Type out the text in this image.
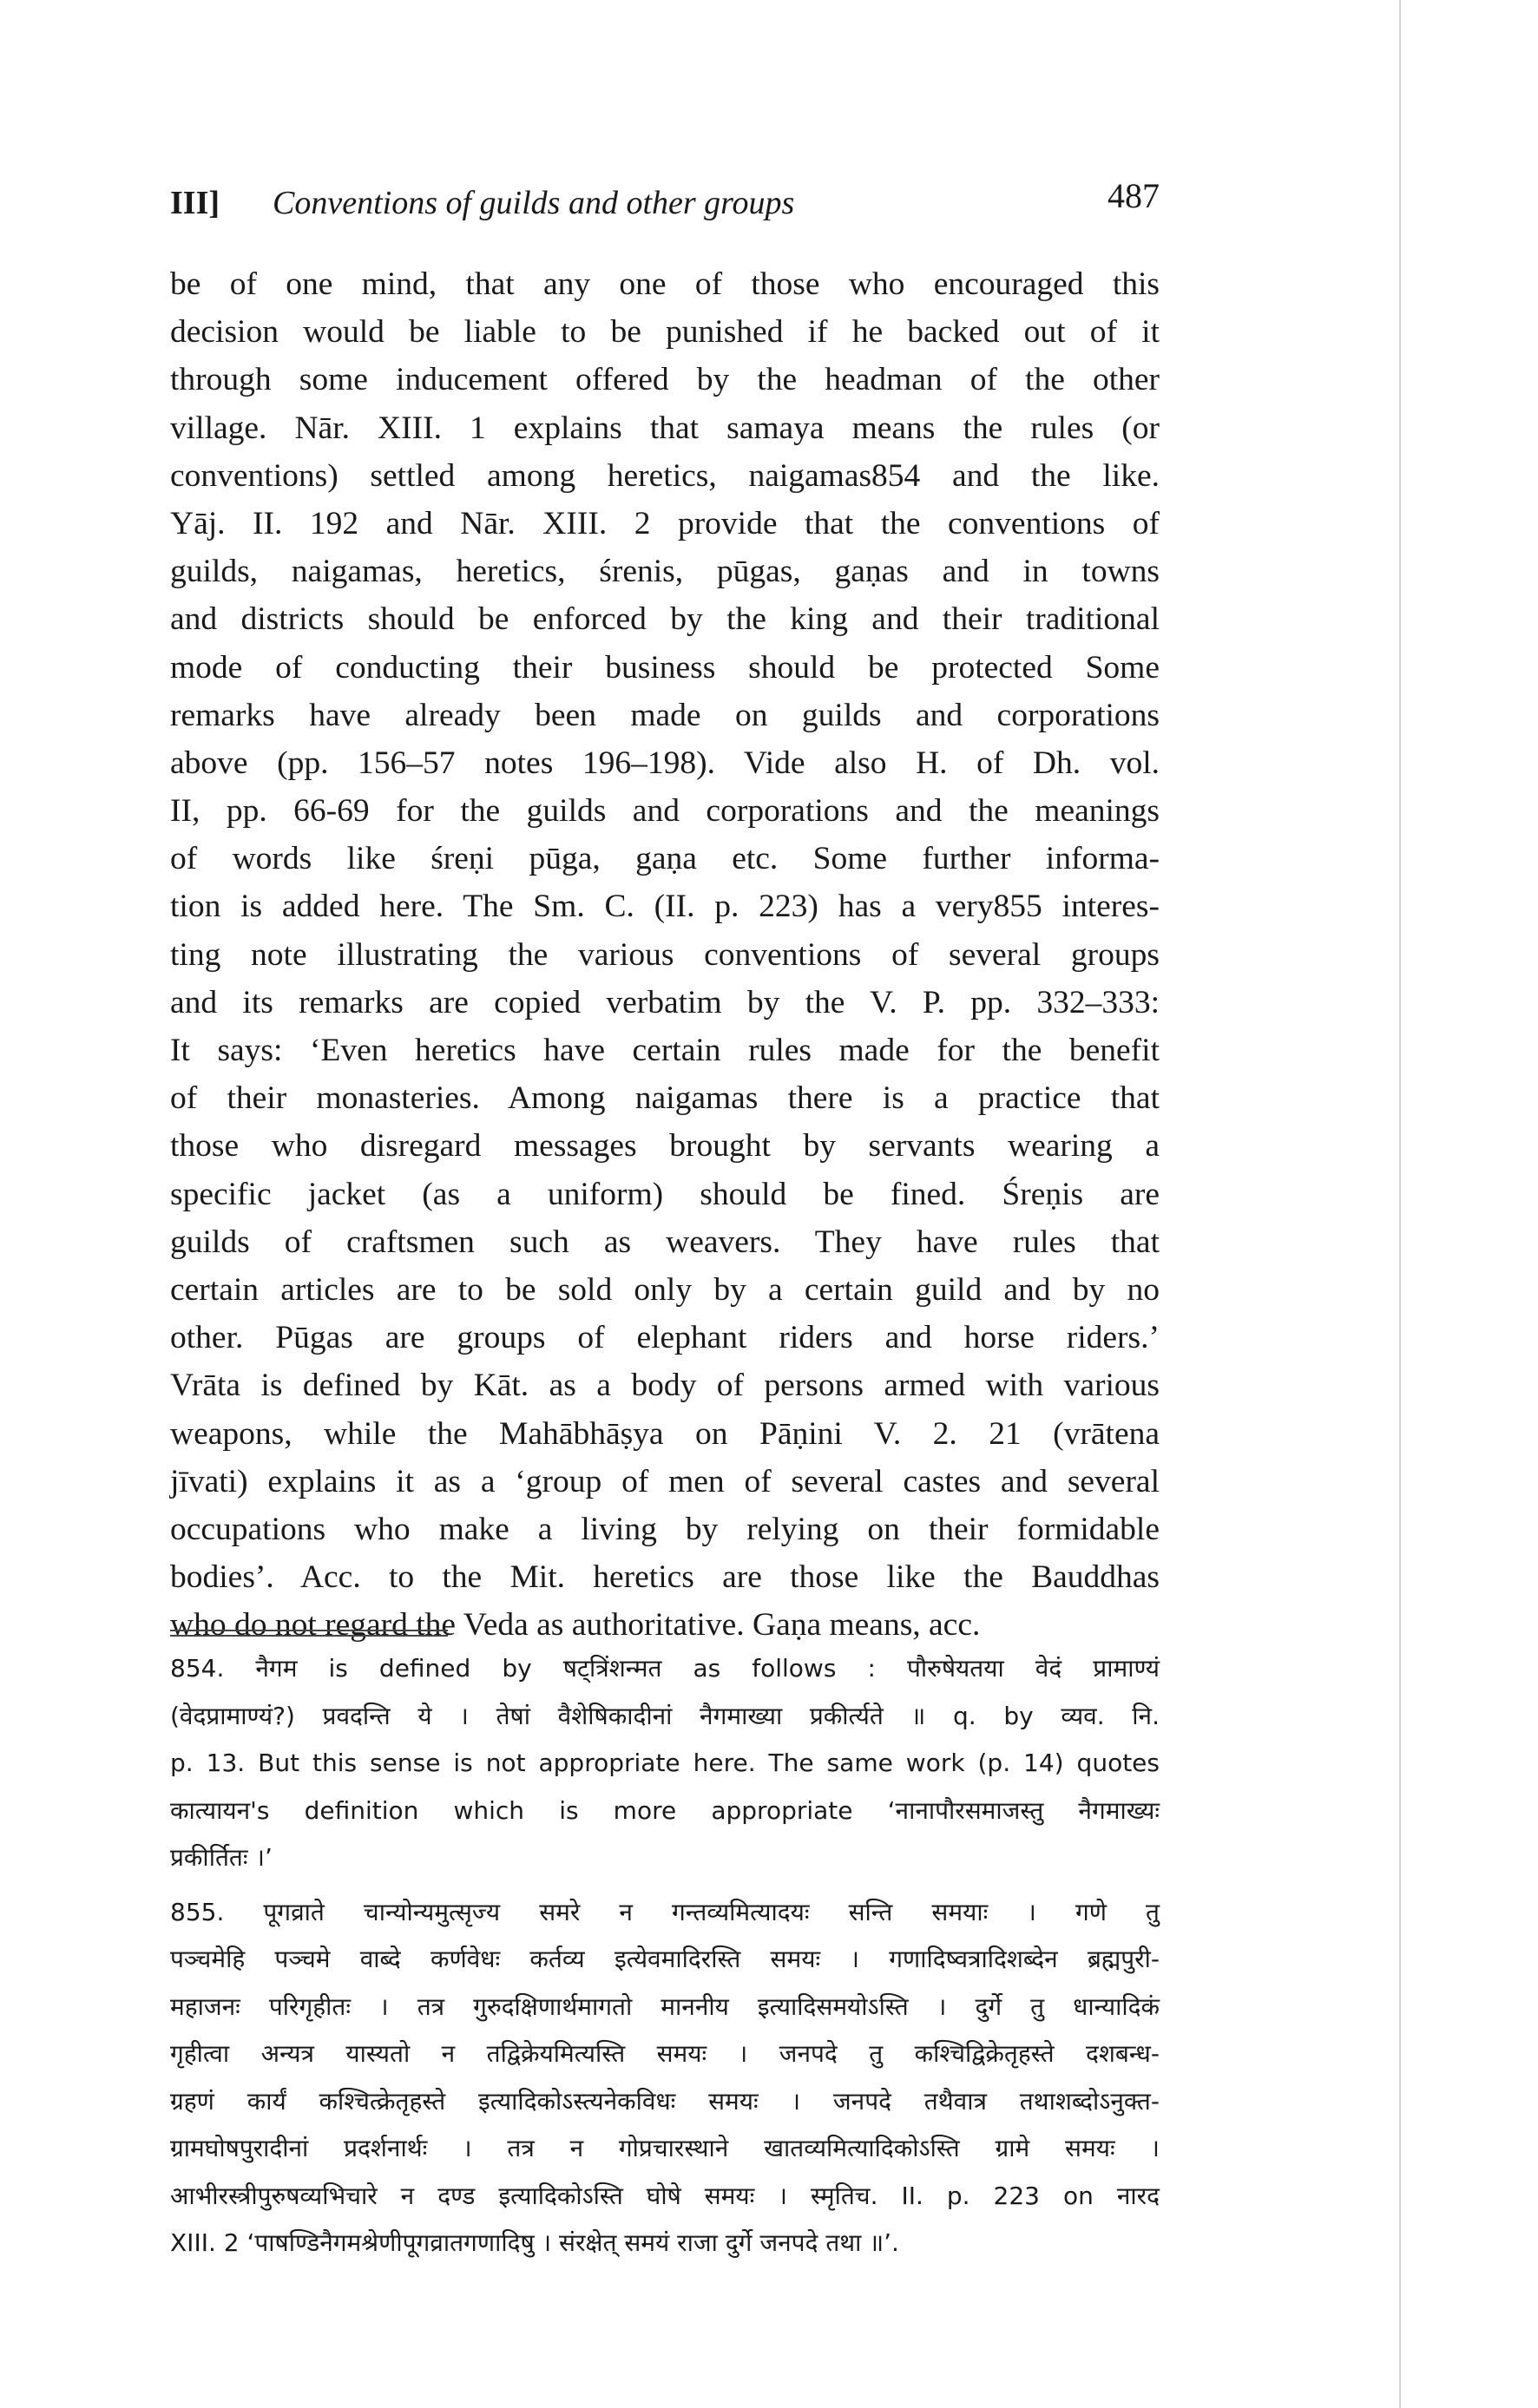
III] Conventions of guilds and other groups	487
be of one mind, that any one of those who encouraged this
decision would be liable to be punished if he backed out of it
through some inducement offered by the headman of the other
village. Nār. XIII. 1 explains that samaya means the rules (or
conventions) settled among heretics, naigamas854 and the like.
Yāj. II. 192 and Nār. XIII. 2 provide that the conventions of
guilds, naigamas, heretics, śrenis, pūgas, gaṇas and in towns
and districts should be enforced by the king and their traditional
mode of conducting their business should be protected Some
remarks have already been made on guilds and corporations
above (pp. 156–57 notes 196–198). Vide also H. of Dh. vol.
II, pp. 66-69 for the guilds and corporations and the meanings
of words like śreṇi pūga, gaṇa etc. Some further informa-
tion is added here. The Sm. C. (II. p. 223) has a very855 interes-
ting note illustrating the various conventions of several groups
and its remarks are copied verbatim by the V. P. pp. 332–333:
It says: ‘Even heretics have certain rules made for the benefit
of their monasteries. Among naigamas there is a practice that
those who disregard messages brought by servants wearing a
specific jacket (as a uniform) should be fined. Śreṇis are
guilds of craftsmen such as weavers. They have rules that
certain articles are to be sold only by a certain guild and by no
other. Pūgas are groups of elephant riders and horse riders.’
Vrāta is defined by Kāt. as a body of persons armed with various
weapons, while the Mahābhāṣya on Pāṇini V. 2. 21 (vrātena
jīvati) explains it as a ‘group of men of several castes and several
occupations who make a living by relying on their formidable
bodies’. Acc. to the Mit. heretics are those like the Bauddhas
who do not regard the Veda as authoritative. Gaṇa means, acc.
854. नैगम is defined by षट्त्रिंशन्मत as follows : पौरुषेयतया वेदं प्रामाण्यं
(वेदप्रामाण्यं?) प्रवदन्ति ये । तेषां वैशेषिकादीनां नैगमाख्या प्रकीर्त्यते ॥ q. by व्यव. नि.
p. 13. But this sense is not appropriate here. The same work (p. 14) quotes
कात्यायन's definition which is more appropriate ‘नानापौरसमाजस्तु नैगमाख्यः
प्रकीर्तितः ।’
855. पूगव्राते चान्योन्यमुत्सृज्य समरे न गन्तव्यमित्यादयः सन्ति समयाः । गणे तु
पञ्चमेहि पञ्चमे वाब्दे कर्णवेधः कर्तव्य इत्येवमादिरस्ति समयः । गणादिष्वत्रादिशब्देन ब्रह्मपुरी-
महाजनः परिगृहीतः । तत्र गुरुदक्षिणार्थमागतो माननीय इत्यादिसमयोऽस्ति । दुर्गे तु धान्यादिकं
गृहीत्वा अन्यत्र यास्यतो न तद्विक्रेयमित्यस्ति समयः । जनपदे तु कश्चिद्विक्रेतृहस्ते दशबन्ध-
ग्रहणं कार्यं कश्चित्क्रेतृहस्ते इत्यादिकोऽस्त्यनेकविधः समयः । जनपदे तथैवात्र तथाशब्दोऽनुक्त-
ग्रामघोषपुरादीनां प्रदर्शनार्थः । तत्र न गोप्रचारस्थाने खातव्यमित्यादिकोऽस्ति ग्रामे समयः ।
आभीरस्त्रीपुरुषव्यभिचारे न दण्ड इत्यादिकोऽस्ति घोषे समयः । स्मृतिच. II. p. 223 on नारद
XIII. 2 ‘पाषण्डिनैगमश्रेणीपूगव्रातगणादिषु । संरक्षेत् समयं राजा दुर्गे जनपदे तथा ॥’.
